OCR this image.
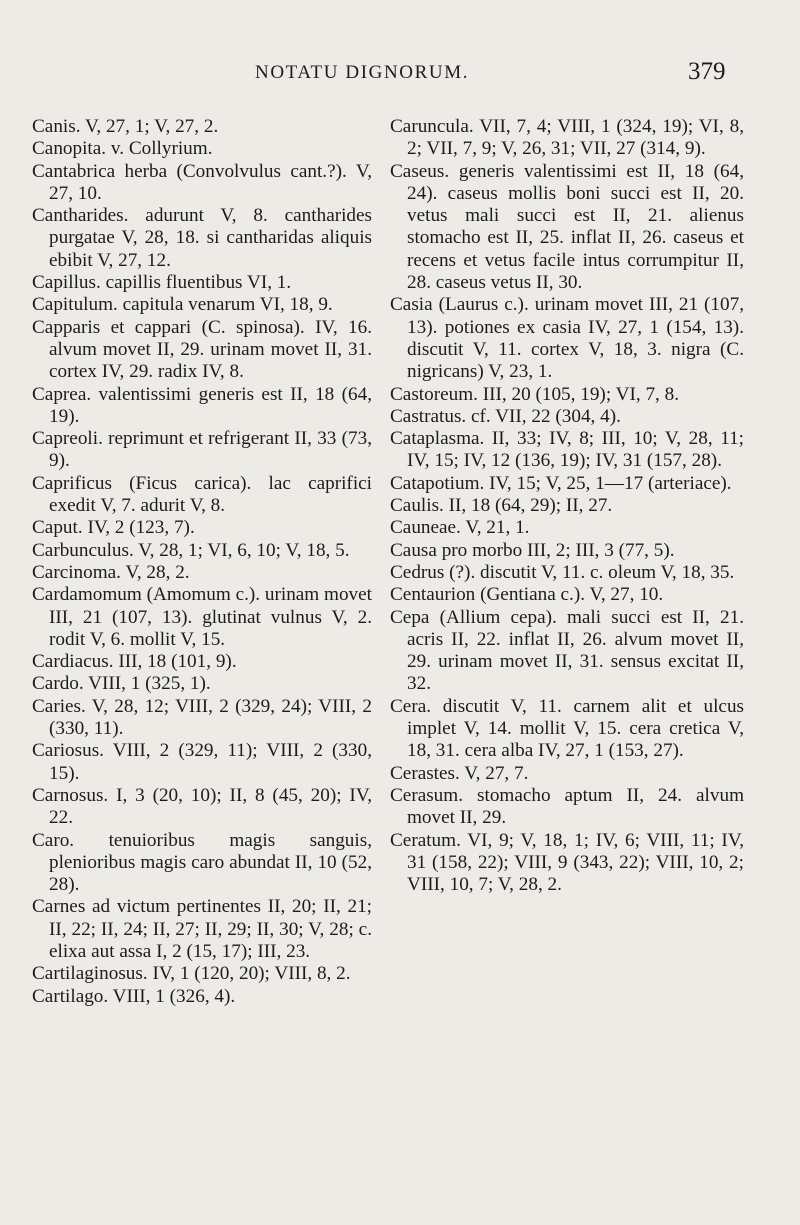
NOTATU DIGNORUM.	379
Canis. V, 27, 1; V, 27, 2.
Canopita. v. Collyrium.
Cantabrica herba (Convolvulus cant.?). V, 27, 10.
Cantharides. adurunt V, 8. cantharides purgatae V, 28, 18. si cantharidas aliquis ebibit V, 27, 12.
Capillus. capillis fluentibus VI, 1.
Capitulum. capitula venarum VI, 18, 9.
Capparis et cappari (C. spinosa). IV, 16. alvum movet II, 29. urinam movet II, 31. cortex IV, 29. radix IV, 8.
Caprea. valentissimi generis est II, 18 (64, 19).
Capreoli. reprimunt et refrigerant II, 33 (73, 9).
Caprificus (Ficus carica). lac caprifici exedit V, 7. adurit V, 8.
Caput. IV, 2 (123, 7).
Carbunculus. V, 28, 1; VI, 6, 10; V, 18, 5.
Carcinoma. V, 28, 2.
Cardamomum (Amomum c.). urinam movet III, 21 (107, 13). glutinat vulnus V, 2. rodit V, 6. mollit V, 15.
Cardiacus. III, 18 (101, 9).
Cardo. VIII, 1 (325, 1).
Caries. V, 28, 12; VIII, 2 (329, 24); VIII, 2 (330, 11).
Cariosus. VIII, 2 (329, 11); VIII, 2 (330, 15).
Carnosus. I, 3 (20, 10); II, 8 (45, 20); IV, 22.
Caro. tenuioribus magis sanguis, plenioribus magis caro abundat II, 10 (52, 28).
Carnes ad victum pertinentes II, 20; II, 21; II, 22; II, 24; II, 27; II, 29; II, 30; V, 28; c. elixa aut assa I, 2 (15, 17); III, 23.
Cartilaginosus. IV, 1 (120, 20); VIII, 8, 2.
Cartilago. VIII, 1 (326, 4).
Caruncula. VII, 7, 4; VIII, 1 (324, 19); VI, 8, 2; VII, 7, 9; V, 26, 31; VII, 27 (314, 9).
Caseus. generis valentissimi est II, 18 (64, 24). caseus mollis boni succi est II, 20. vetus mali succi est II, 21. alienus stomacho est II, 25. inflat II, 26. caseus et recens et vetus facile intus corrumpitur II, 28. caseus vetus II, 30.
Casia (Laurus c.). urinam movet III, 21 (107, 13). potiones ex casia IV, 27, 1 (154, 13). discutit V, 11. cortex V, 18, 3. nigra (C. nigricans) V, 23, 1.
Castoreum. III, 20 (105, 19); VI, 7, 8.
Castratus. cf. VII, 22 (304, 4).
Cataplasma. II, 33; IV, 8; III, 10; V, 28, 11; IV, 15; IV, 12 (136, 19); IV, 31 (157, 28).
Catapotium. IV, 15; V, 25, 1—17 (arteriace).
Caulis. II, 18 (64, 29); II, 27.
Cauneae. V, 21, 1.
Causa pro morbo III, 2; III, 3 (77, 5).
Cedrus (?). discutit V, 11. c. oleum V, 18, 35.
Centaurion (Gentiana c.). V, 27, 10.
Cepa (Allium cepa). mali succi est II, 21. acris II, 22. inflat II, 26. alvum movet II, 29. urinam movet II, 31. sensus excitat II, 32.
Cera. discutit V, 11. carnem alit et ulcus implet V, 14. mollit V, 15. cera cretica V, 18, 31. cera alba IV, 27, 1 (153, 27).
Cerastes. V, 27, 7.
Cerasum. stomacho aptum II, 24. alvum movet II, 29.
Ceratum. VI, 9; V, 18, 1; IV, 6; VIII, 11; IV, 31 (158, 22); VIII, 9 (343, 22); VIII, 10, 2; VIII, 10, 7; V, 28, 2.
